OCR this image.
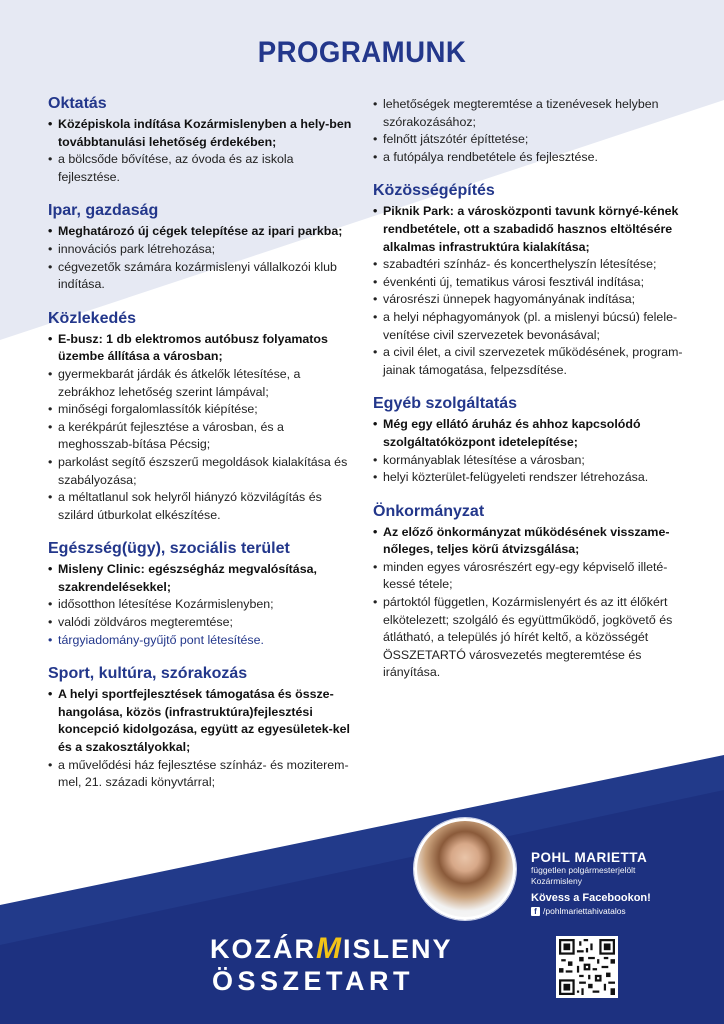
PROGRAMUNK
Oktatás
• Középiskola indítása Kozármislenyben a hely-ben továbbtanulási lehetőség érdekében;
• a bölcsőde bővítése, az óvoda és az iskola fejlesztése.
Ipar, gazdaság
• Meghatározó új cégek telepítése az ipari parkba;
• innovációs park létrehozása;
• cégvezetők számára kozármislenyi vállalkozói klub indítása.
Közlekedés
• E-busz: 1 db elektromos autóbusz folyamatos üzembe állítása a városban;
• gyermekbarát járdák és átkelők létesítése, a zebrákhoz lehetőség szerint lámpával;
• minőségi forgalomlassítók kiépítése;
• a kerékpárút fejlesztése a városban, és a meghosszab-bítása Pécsig;
• parkolást segítő észszerű megoldások kialakítása és szabályozása;
• a méltatlanul sok helyről hiányzó közvilágítás és szilárd útburkolat elkészítése.
Egészség(ügy), szociális terület
• Misleny Clinic: egészségház megvalósítása, szakrendelésekkel;
• idősotthon létesítése Kozármislenyben;
• valódi zöldváros megteremtése;
• tárgyiadomány-gyűjtő pont létesítése.
Sport, kultúra, szórakozás
• A helyi sportfejlesztések támogatása és össze-hangolása, közös (infrastruktúra)fejlesztési koncepció kidolgozása, együtt az egyesületek-kel és a szakosztályokkal;
• a művelődési ház fejlesztése színház- és moziterem-mel, 21. századi könyvtárral;
• lehetőségek megteremtése a tizenévesek helyben szórakozásához;
• felnőtt játszótér építtetése;
• a futópálya rendbetétele és fejlesztése.
Közösségépítés
• Piknik Park: a városközponti tavunk környé-kének rendbetétele, ott a szabadidő hasznos eltöltésére alkalmas infrastruktúra kialakítása;
• szabadtéri színház- és koncerthelyszín létesítése;
• évenkénti új, tematikus városi fesztivál indítása;
• városrészi ünnepek hagyományának indítása;
• a helyi néphagyományok (pl. a mislenyi búcsú) felele-venítése civil szervezetek bevonásával;
• a civil élet, a civil szervezetek működésének, program-jainak támogatása, felpezsdítése.
Egyéb szolgáltatás
• Még egy ellátó áruház és ahhoz kapcsolódó szolgáltatóközpont idetelepítése;
• kormányablak létesítése a városban;
• helyi közterület-felügyeleti rendszer létrehozása.
Önkormányzat
• Az előző önkormányzat működésének visszame-nőleges, teljes körű átvizsgálása;
• minden egyes városrészért egy-egy képviselő illeté-kessé tétele;
• pártoktól független, Kozármislenyért és az itt élőkért elkötelezett; szolgáló és együttműködő, jogkövető és átlátható, a település jó hírét keltő, a közösségét ÖSSZETARTÓ városvezetés megteremtése és irányítása.
POHL MARIETTA
független polgármesterjelölt
Kozármisleny
Kövess a Facebookon!
f /pohlmariettahivatalos
KOZÁRMISLENY
ÖSSZETART
